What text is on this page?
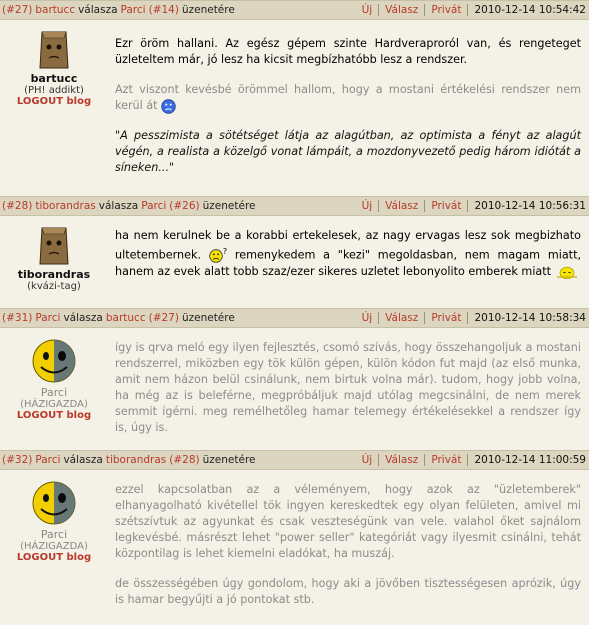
(#27) bartucc válasza Parci (#14) üzenetére	Új	Válasz	Privát	2010-12-14 10:54:42
bartucc
(PH! addikt)
LOGOUT blog

Ezr öröm hallani. Az egész gépem szinte Hardveraproról van, és rengeteget üzleteltem már, jó lesz ha kicsit megbízhatóbb lesz a rendszer.

Azt viszont kevésbé örömmel hallom, hogy a mostani értékelési rendszer nem kerül át

"A pesszimista a sötétséget látja az alagútban, az optimista a fényt az alagút végén, a realista a közelgő vonat lámpáit, a mozdonyvezető pedig három idiótát a síneken..."

(#28) tiborandras válasza Parci (#26) üzenetére	Új	Válasz	Privát	2010-12-14 10:56:31
tiborandras
(kvázi-tag)

ha nem kerulnek be a korabbi ertekelesek, az nagy ervagas lesz sok megbizhato ultetembernek.	? remenykedem a "kezi" megoldasban, nem magam miatt, hanem az evek alatt tobb szaz/ezer sikeres uzletet lebonyolito emberek miatt

(#31) Parci válasza bartucc (#27) üzenetére	Új	Válasz	Privát	2010-12-14 10:58:34
Parci
(HÁZIGAZDA)
LOGOUT blog

így is qrva meló egy ilyen fejlesztés, csomó szívás, hogy összehangoljuk a mostani rendszerrel, miközben egy tök külön gépen, külön kódon fut majd (az első munka, amit nem házon belül csinálunk, nem birtuk volna már). tudom, hogy jobb volna, ha még az is beleférne, megpróbáljuk majd utólag megcsinálni, de nem merek semmit ígérni. meg remélhetőleg hamar telemegy értékelésekkel a rendszer így is, úgy is.

(#32) Parci válasza tiborandras (#28) üzenetére	Új	Válasz	Privát	2010-12-14 11:00:59
Parci
(HÁZIGAZDA)
LOGOUT blog

ezzel kapcsolatban az a véleményem, hogy azok az "üzletemberek" elhanyagolható kivétellel tök ingyen kereskedtek egy olyan felületen, amivel mi szétszívtuk az agyunkat és csak veszteségünk van vele. valahol őket sajnálom legkevésbé. másrészt lehet "power seller" kategóriát vagy ilyesmit csinálni, tehát központilag is lehet kiemelni eladókat, ha muszáj.

de összességében úgy gondolom, hogy aki a jövőben tisztességesen aprózik, úgy is hamar begyűjti a jó pontokat stb.
